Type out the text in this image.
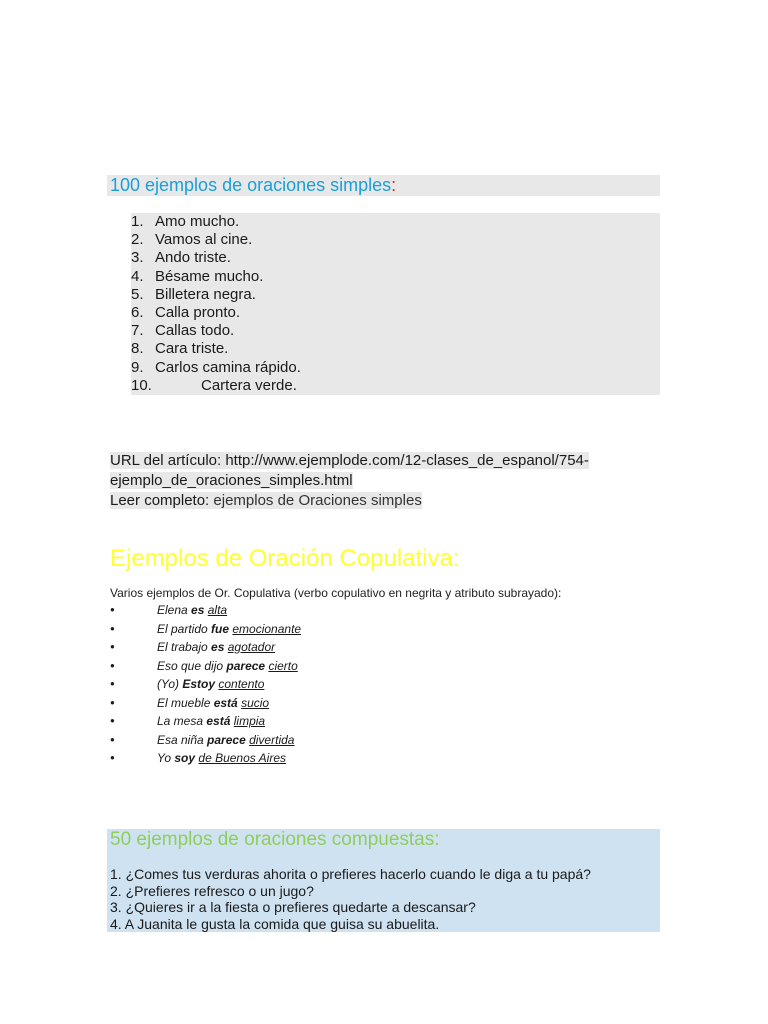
100 ejemplos de oraciones simples:
1. Amo mucho.
2. Vamos al cine.
3. Ando triste.
4. Bésame mucho.
5. Billetera negra.
6. Calla pronto.
7. Callas todo.
8. Cara triste.
9. Carlos camina rápido.
10.	Cartera verde.
URL del artículo: http://www.ejemplode.com/12-clases_de_espanol/754-
ejemplo_de_oraciones_simples.html
Leer completo: ejemplos de Oraciones simples
Ejemplos de Oración Copulativa:
Varios ejemplos de Or. Copulativa (verbo copulativo en negrita y atributo subrayado):
●	Elena es alta
●	El partido fue emocionante
●	El trabajo es agotador
●	Eso que dijo parece cierto
●	(Yo) Estoy contento
●	El mueble está sucio
●	La mesa está limpia
●	Esa niña parece divertida
●	Yo soy de Buenos Aires
50 ejemplos de oraciones compuestas:
1. ¿Comes tus verduras ahorita o prefieres hacerlo cuando le diga a tu papá?
2. ¿Prefieres refresco o un jugo?
3. ¿Quieres ir a la fiesta o prefieres quedarte a descansar?
4. A Juanita le gusta la comida que guisa su abuelita.
